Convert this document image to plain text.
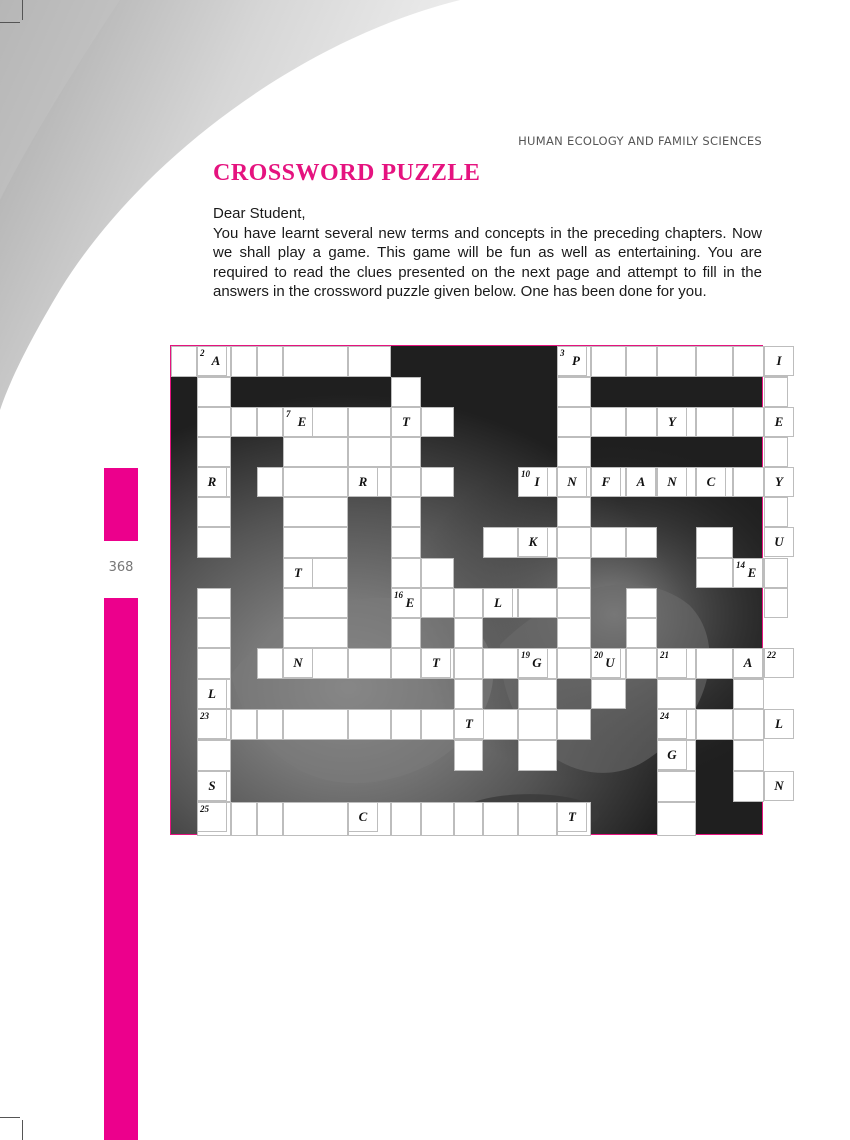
HUMAN ECOLOGY AND FAMILY SCIENCES
CROSSWORD PUZZLE

Dear Student,

You have learnt several new terms and concepts in the preceding chapters. Now we shall play a game. This game will be fun as well as entertaining. You are required to read the clues presented on the next page and attempt to fill in the answers in the crossword puzzle given below. One has been done for you.

368
2 A	3 P	I
7 E	T	Y	E
R	R	10 I	N	F	A	N	C	Y
K	U
T	14 E
16 E	L
N	T	19 G	20 U	21	A	22
L
23	T	24	L
G
S	N
25	C	T
